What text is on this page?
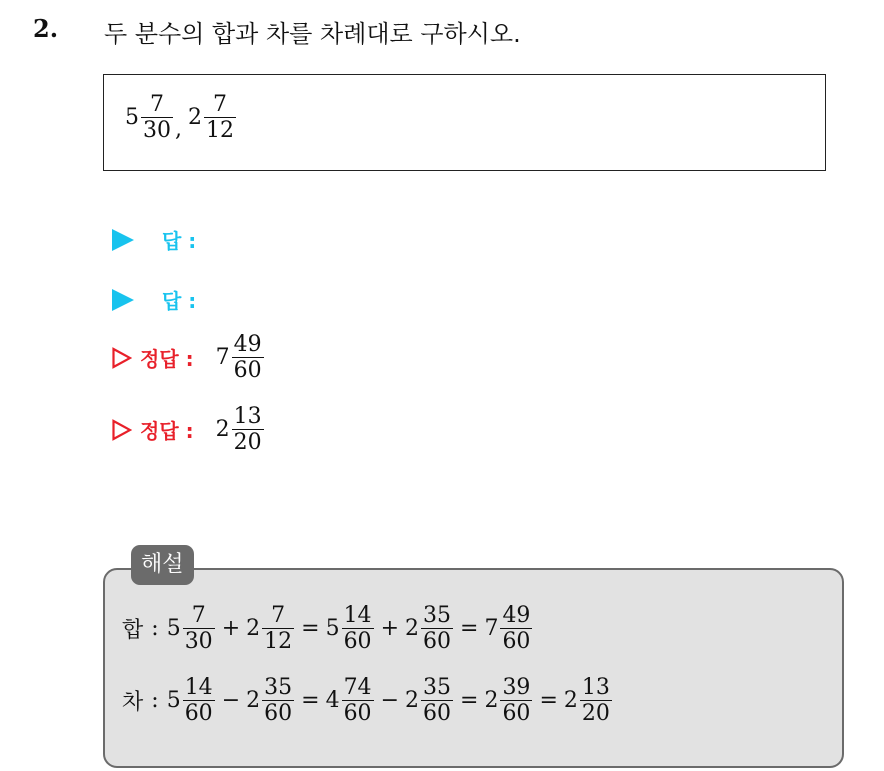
2. 두 분수의 합과 차를 차례대로 구하시오.
$5 \frac{7}{30}$ , $2 \frac{7}{12}$
답 :
답 :
정답 : $7 \frac{49}{60}$
정답 : $2 \frac{13}{20}$
해설
합 : $5 \frac{7}{30} + 2 \frac{7}{12} = 5 \frac{14}{60} + 2 \frac{35}{60} = 7 \frac{49}{60}$
차 : $5 \frac{14}{60} - 2 \frac{35}{60} = 4 \frac{74}{60} - 2 \frac{35}{60} = 2 \frac{39}{60} = 2 \frac{13}{20}$
